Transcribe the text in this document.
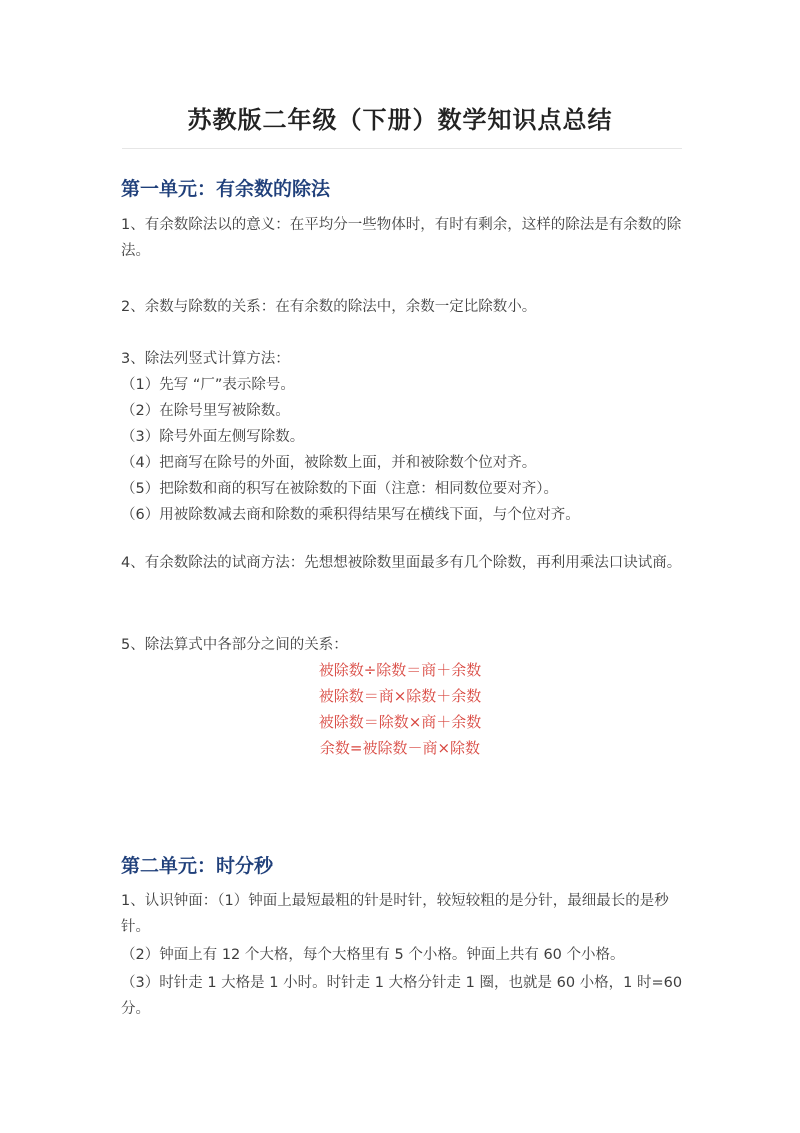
苏教版二年级（下册）数学知识点总结
第一单元：有余数的除法

1、有余数除法以的意义：在平均分一些物体时，有时有剩余，这样的除法是有余数的除法。

2、余数与除数的关系：在有余数的除法中，余数一定比除数小。

3、除法列竖式计算方法：

（1）先写 “厂”表示除号。
（2）在除号里写被除数。
（3）除号外面左侧写除数。
（4）把商写在除号的外面，被除数上面，并和被除数个位对齐。
（5）把除数和商的积写在被除数的下面（注意：相同数位要对齐）。
（6）用被除数减去商和除数的乘积得结果写在横线下面，与个位对齐。

4、有余数除法的试商方法：先想想被除数里面最多有几个除数，再利用乘法口诀试商。

5、除法算式中各部分之间的关系：

被除数÷除数＝商＋余数
被除数＝商×除数＋余数
被除数＝除数×商＋余数
余数=被除数－商×除数
第二单元：时分秒

1、认识钟面：（1）钟面上最短最粗的针是时针，较短较粗的是分针，最细最长的是秒针。

（2）钟面上有 12 个大格，每个大格里有 5 个小格。钟面上共有 60 个小格。

（3）时针走 1 大格是 1 小时。时针走 1 大格分针走 1 圈，也就是 60 小格，1 时=60 分。
